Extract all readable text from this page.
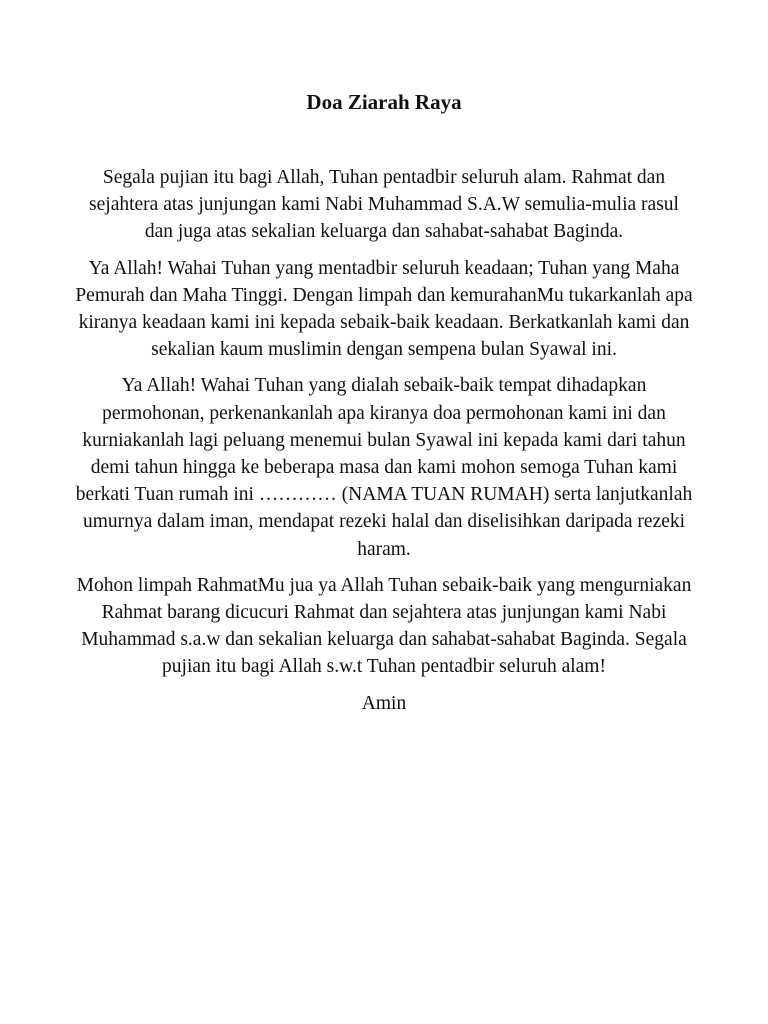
Doa Ziarah Raya

Segala pujian itu bagi Allah, Tuhan pentadbir seluruh alam. Rahmat dan sejahtera atas junjungan kami Nabi Muhammad S.A.W semulia-mulia rasul dan juga atas sekalian keluarga dan sahabat-sahabat Baginda.

Ya Allah! Wahai Tuhan yang mentadbir seluruh keadaan; Tuhan yang Maha Pemurah dan Maha Tinggi. Dengan limpah dan kemurahanMu tukarkanlah apa kiranya keadaan kami ini kepada sebaik-baik keadaan. Berkatkanlah kami dan sekalian kaum muslimin dengan sempena bulan Syawal ini.

Ya Allah! Wahai Tuhan yang dialah sebaik-baik tempat dihadapkan permohonan, perkenankanlah apa kiranya doa permohonan kami ini dan kurniakanlah lagi peluang menemui bulan Syawal ini kepada kami dari tahun demi tahun hingga ke beberapa masa dan kami mohon semoga Tuhan kami berkati Tuan rumah ini ………… (NAMA TUAN RUMAH) serta lanjutkanlah umurnya dalam iman, mendapat rezeki halal dan diselisihkan daripada rezeki haram.

Mohon limpah RahmatMu jua ya Allah Tuhan sebaik-baik yang mengurniakan Rahmat barang dicucuri Rahmat dan sejahtera atas junjungan kami Nabi Muhammad s.a.w dan sekalian keluarga dan sahabat-sahabat Baginda. Segala pujian itu bagi Allah s.w.t Tuhan pentadbir seluruh alam!

Amin
